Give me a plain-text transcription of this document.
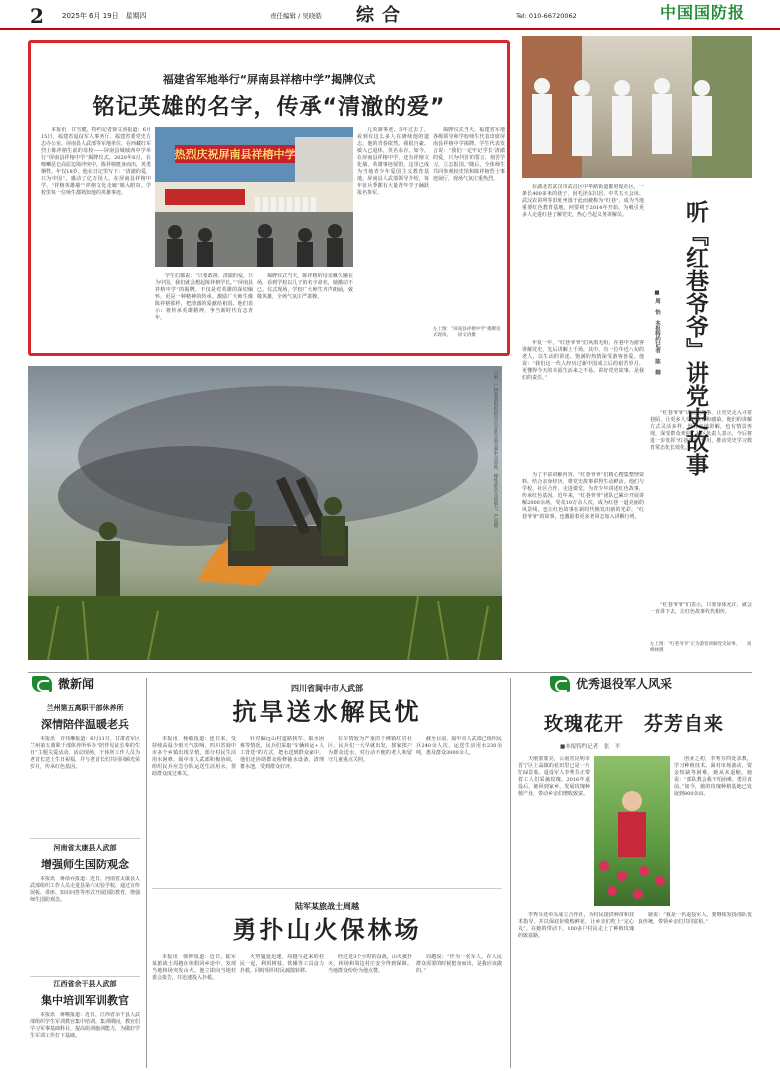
2	2025年 6月 19日　星期四	责任编辑 / 吴晓皓 综合	Tel: 010-66720062	中国国防报
福建省军地举行“屏南县祥榕中学”揭牌仪式
铭记英雄的名字，传承“清澈的爱”

本报讯　甘雪健、特约记者徐文涛报道：6月15日，福建省退役军人事务厅、福建省委党史方志办公室、屏南县人武部等军地单位，在西藏红军烈士陈祥榕生前的母校——屏南县城城西中学举行“屏南县祥榕中学”揭牌仪式。2020年6月，在喀喇昆仑高原边境冲突中，陈祥榕挺身而出，英勇牺牲，年仅18岁。他在日记里写下：“清澈的爱，只为中国”。感动了亿万国人。在屏南县祥榕中学，“祥榕英雄墙”“祥榕文化走廊”映入眼帘。学校里每一位师生都熟知他的英雄事迹。

热烈庆祝屏南县祥榕中学

学生们都说：“只要敢拼，清澈的爱，只为中国，我们就会想起陈祥榕学长。”“屏南县祥榕中学”的揭牌，不仅是对英雄的深切缅怀，更是一种精神的传承。激励广大师生像陈祥榕那样，把清澈的爱献给祖国。他们表示：将传承英雄精神，争当新时代有志青年。

揭牌仪式当天，陈祥榕的母亲戴久娥在场，看到学校以儿子的名字命名，她激动不已。仪式现场，学校广大师生齐声朗诵，致敬英雄，全场气氛庄严肃穆。

儿英雄事迹。5年过去了，看到有这么多人在赓续他的遗志，他的青春依然。我很自豪。敏入已退休，英名永存。如今，在屏南县祥榕中学，还有祥榕文化墙、英雄事迹展馆，这里已成为当地青少年爱国主义教育基地。屏南县人武部领导介绍，每年征兵季都有大量青年学子踊跃报名参军。

揭牌仪式当天，福建省军地各级领导和学校师生代表出席屏南县祥榕中学揭牌。学生代表发言说：“我们一定牢记学长‘清澈的爱，只为中国’的誓言，刻苦学习，立志报国。”随后，全体师生共同参观校史馆和陈祥榕烈士事迹展厅，现场气氛庄重热烈。

左上图：“屏南县祥榕中学”揭牌仪式现场。　　徐文涛摄
日前，广西某部组织防空兵分队开展实弹射击训练，锤炼部队实战能力。严超摄	听『红巷爷爷』讲党史故事
■ 周　怡　本报特约记者　陈　卿

在湖北省武汉市武昌区中华路街道都府堤社区，一条长400多米的巷子，因毛泽东旧居、中共五大会址、武汉农讲所等旧址坐落于此而被称为“红巷”，成为当地重要红色教育基地。何要初于2014年开始，为吸引更多人走进红巷了解党史，热心当起义务讲解员。

年复一年，“红巷爷爷”们风雨无阻，在巷中为游客讲解党史，先后讲解上千场。其中，有一位年近八旬的老人，以生动的讲述、饱满的热情深受游客喜爱。他说：“我们这一代人经历过新中国成立后的艰苦岁月，更懂得今天的幸福生活来之不易。讲好党史故事，是我们的责任。”

为了丰富讲解内容，“红巷爷爷”们精心搜集整理资料，结合亲身经历，将党史故事讲得生动鲜活。他们与学校、社区合作，走进课堂，为青少年讲述红色故事，传承红色基因。近年来，“红巷爷爷”团队已累计开展讲解2000余场，受众10万余人次，成为红巷一道亮丽的风景线，也让红色故事在新时代焕发出新的光彩。“红巷爷爷”的故事，也激励着更多老同志加入讲解行列。

“红巷爷爷”讲党史故事，让党史走入寻常巷陌，让更多人受到教育和感染。他们的讲解方式灵活多样，既有实地讲解，也有情景再现，深受群众欢迎。社区负责人表示，今后将进一步发挥“红巷爷爷”作用，推动党史学习教育常态化长效化。

“红巷爷爷”们表示，只要身体允许，就会一直讲下去，让红色故事代代相传。

左上图：“红巷爷爷”正为游客讲解党史故事。　　高峰林摄
微新闻
兰州第五离职干部休养所
深情陪伴温暖老兵

本报讯　许伟琳报道：6月11日，甘肃省军区兰州第五离职干部休养所举办“陪伴见证长辈的生日”主题关爱活动。活动现场，干休所工作人员为老首长送上生日祝福，并与老首长们共同回顾光荣岁月，传承红色基因。

河南省太康县人武部
增强师生国防观念

本报讯　蒋俞乔报道：近日，河南省太康县人武部组织工作人员走进县第六实验学校，通过宣传展板、讲座、知识问答等形式开展国防教育，增强师生国防观念。

江西省余干县人武部
集中培训军训教官

本报讯　蒋曙报道：近日，江西省余干县人武部组织学生军训教官集中培训。集训期间，教官们学习军事基础科目，提高组训施训能力，为做好学生军训工作打下基础。

四川省阆中市人武部
抗旱送水解民忧

本报讯　杨敏报道：连日来，受持续高温少雨天气影响，四川省阆中市多个乡镇出现旱情，部分村民生活用水困难。阆中市人武部积极协调，组织民兵应急分队运送生活用水，帮助群众度过难关。

针对偏远山村道路狭窄、取水困难等情况，民兵们采取“车辆转运+人工背送”的方式，把水送到群众家中。他们还协助群众检修抽水设备，清理蓄水池，受到群众好评。

在旱情较为严重的千佛镇红岩社区，民兵们一大早就出发，挨家挨户为群众送水，对行动不便的老人和留守儿童重点关照。

截至目前，阆中市人武部已组织民兵240余人次，运送生活用水230余吨，惠及群众3000余人。

陆军某旅战士周越
勇扑山火保林场

本报讯　韩钟报道：近日，陆军某旅战士周越在休假回乡途中，发现当地林场突发山火。他立即向当地村委会报告，并迅速投入扑救。

火势蔓延迅速，周越与赶来的村民一起，利用树枝、铁锹等工具奋力扑救，同时组织村民疏散转移。

经过近3个小时的奋战，山火被扑灭，林场和周边村庄安全得到保障。当地群众纷纷为他点赞。

周越说：“作为一名军人，在人民群众需要的时候挺身而出，是我应该做的。”

优秀退役军人风采
玫瑰花开　芬芳自来
■本报特约记者　张　平

天刚蒙蒙亮，云南省昆明市晋宁区上蒜镇的花田里已是一片忙碌景象。退役军人李秀芬正带着工人们采摘玫瑰。2016年退役后，她回到家乡，发展玫瑰种植产业，带动乡亲们增收致富。

创业之初，李秀芬四处求教，学习种植技术。面对市场波动、资金短缺等困难，她从未退缩。她说：“部队教会我不怕困难、勇往直前。”如今，她的玫瑰种植基地已发展到800余亩。

李秀芬还牵头成立合作社，为村民提供种苗和技术指导，并以保底价收购鲜花，让乡亲们吃上“定心丸”。在她的带动下，100多户村民走上了种植玫瑰的致富路。

她说：“我是一名退役军人，要继续发扬部队优良传统，带领乡亲们共同富裕。”
